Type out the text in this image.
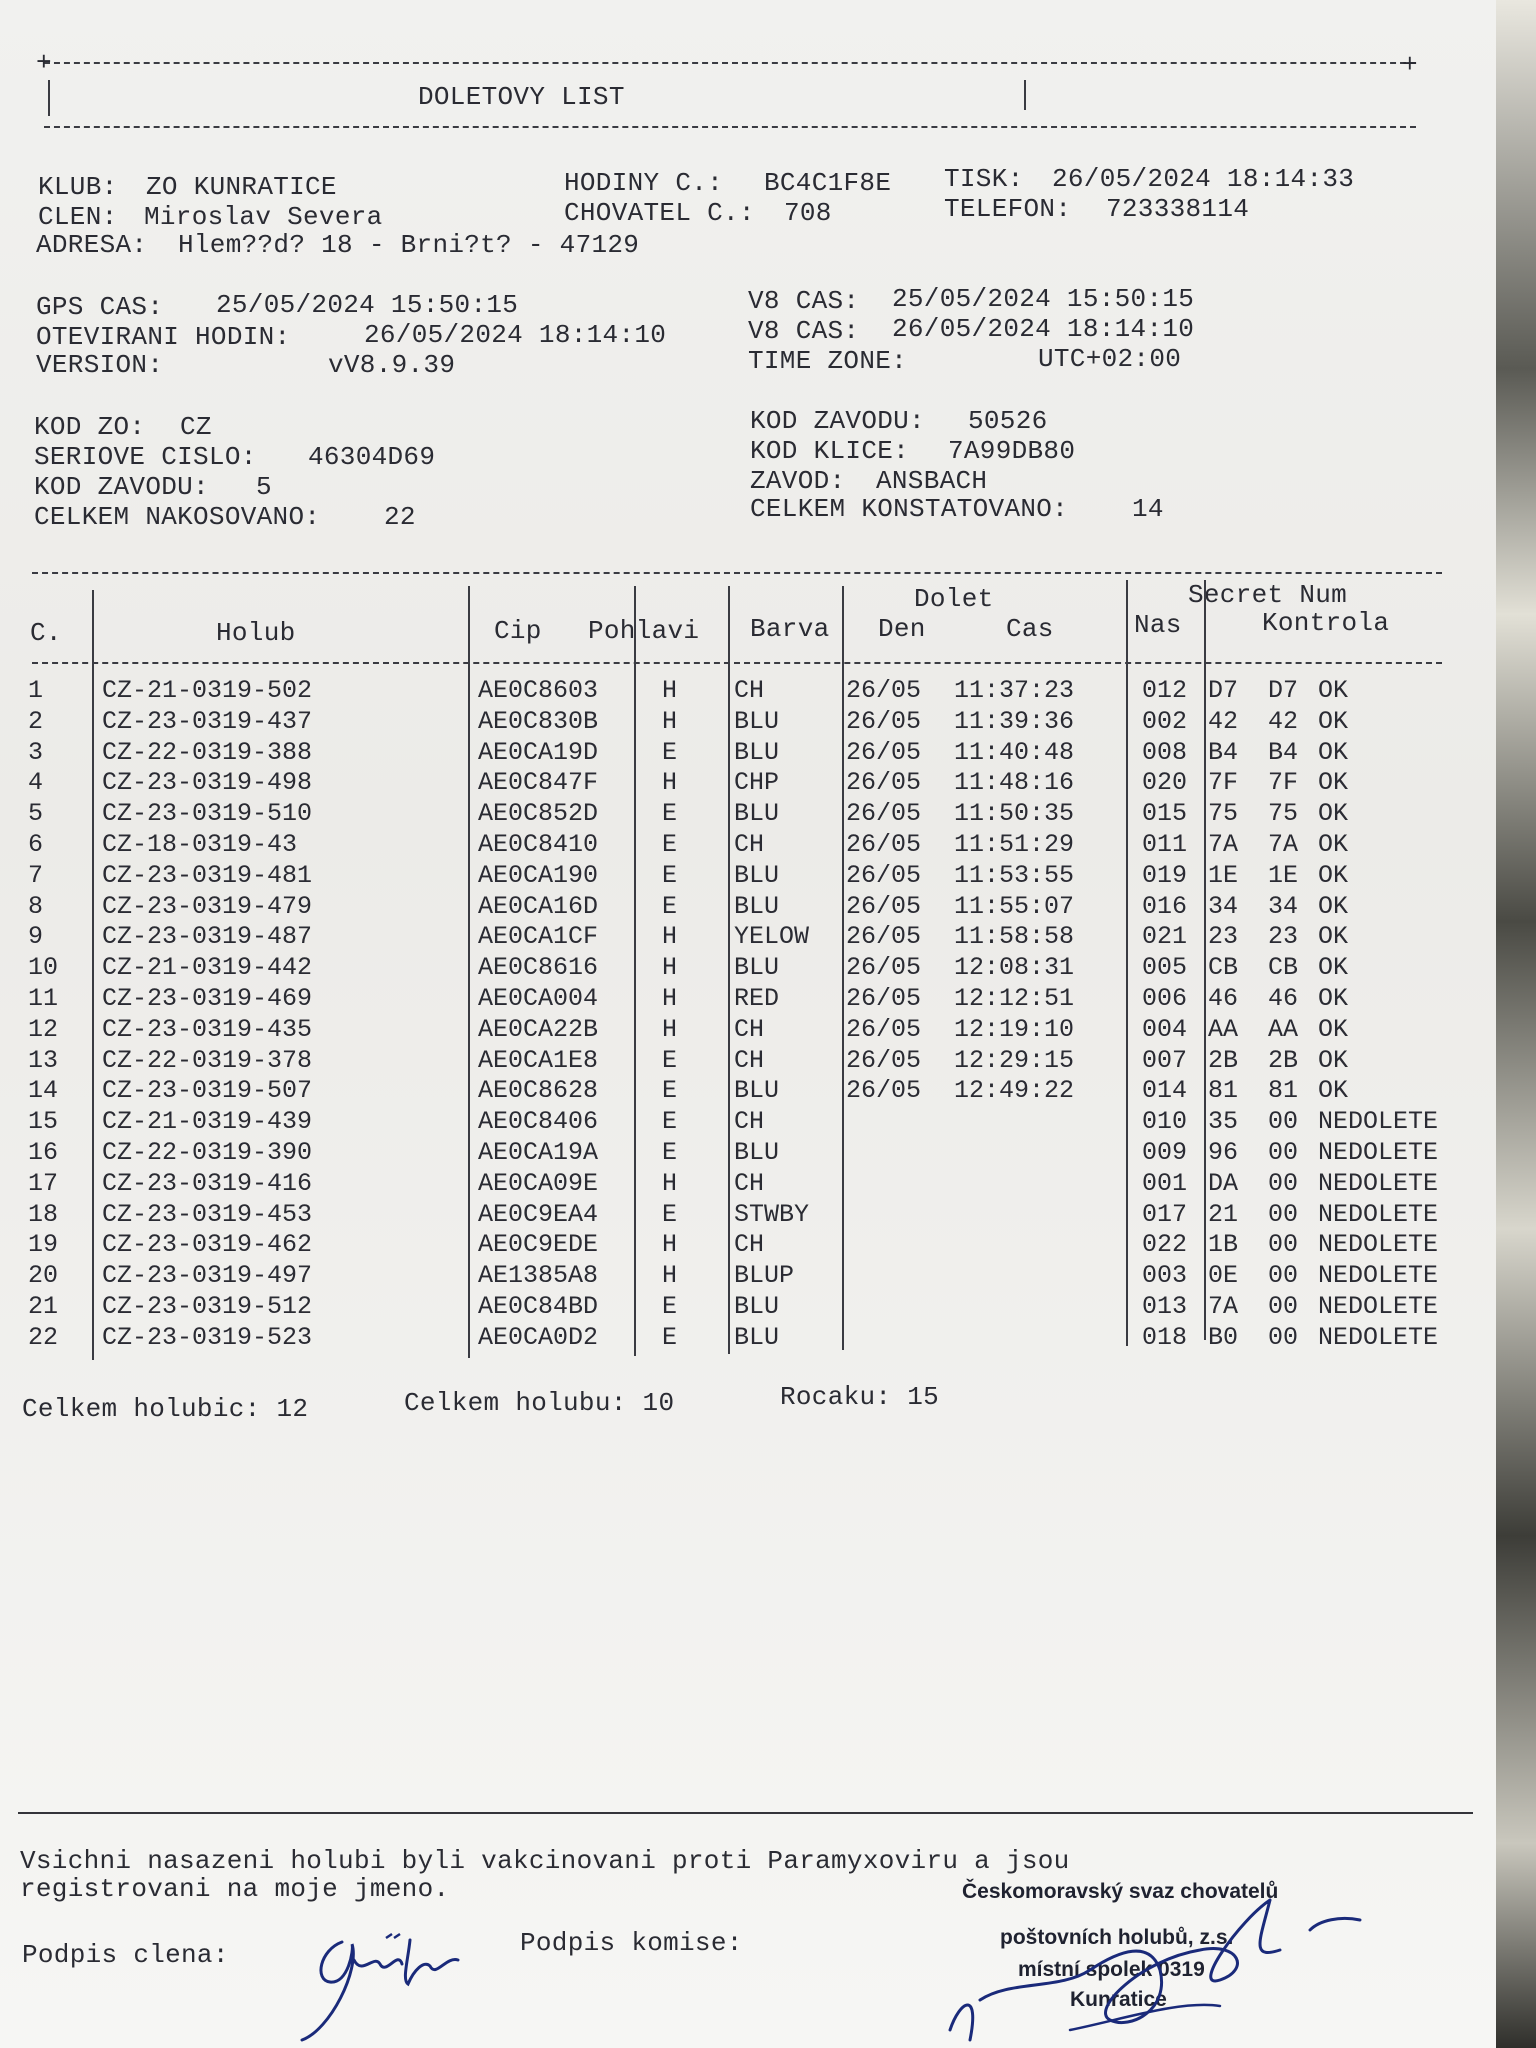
+	+
DOLETOVY LIST
KLUB: ZO KUNRATICE	HODINY C.: BC4C1F8E TISK: 26/05/2024 18:14:33
CLEN: Miroslav Severa	CHOVATEL C.: 708	TELEFON: 723338114
ADRESA: Hlem??d? 18 - Brni?t? - 47129
GPS CAS: 25/05/2024 15:50:15
OTEVIRANI HODIN:	26/05/2024 18:14:10
VERSION:	vV8.9.39
V8 CAS: 25/05/2024 15:50:15
V8 CAS: 26/05/2024 18:14:10
TIME ZONE:	UTC+02:00
KOD ZO: CZ
SERIOVE CISLO: 46304D69
KOD ZAVODU: 5
CELKEM NAKOSOVANO: 22
KOD ZAVODU: 50526
KOD KLICE: 7A99DB80
ZAVOD: ANSBACH
CELKEM KONSTATOVANO: 14
C.	Holub	Cip Pohlavi Barva
Dolet
Den	Cas
Secret Num
Nas	Kontrola
1 CZ-21-0319-502	AE0C8603	H CH	26/05 11:37:23	012 D7 D7 OK
2 CZ-23-0319-437	AE0C830B	H BLU	26/05 11:39:36	002 42 42 OK
3 CZ-22-0319-388	AE0CA19D	E BLU	26/05 11:40:48	008 B4 B4 OK
4 CZ-23-0319-498	AE0C847F	H CHP	26/05 11:48:16	020 7F 7F OK
5 CZ-23-0319-510	AE0C852D	E BLU	26/05 11:50:35	015 75 75 OK
6 CZ-18-0319-43	AE0C8410	E CH	26/05 11:51:29	011 7A 7A OK
7 CZ-23-0319-481	AE0CA190	E BLU	26/05 11:53:55	019 1E 1E OK
8 CZ-23-0319-479	AE0CA16D	E BLU	26/05 11:55:07	016 34 34 OK
9 CZ-23-0319-487	AE0CA1CF	H YELOW 26/05 11:58:58	021 23 23 OK
10 CZ-21-0319-442	AE0C8616	H BLU	26/05 12:08:31	005 CB CB OK
11 CZ-23-0319-469	AE0CA004	H RED	26/05 12:12:51	006 46 46 OK
12 CZ-23-0319-435	AE0CA22B	H CH	26/05 12:19:10	004 AA AA OK
13 CZ-22-0319-378	AE0CA1E8	E CH	26/05 12:29:15	007 2B 2B OK
14 CZ-23-0319-507	AE0C8628	E BLU	26/05 12:49:22	014 81 81 OK
15 CZ-21-0319-439	AE0C8406	E CH	010 35 00 NEDOLETE
16 CZ-22-0319-390	AE0CA19A	E BLU	009 96 00 NEDOLETE
17 CZ-23-0319-416	AE0CA09E	H CH	001 DA 00 NEDOLETE
18 CZ-23-0319-453	AE0C9EA4	E STWBY	017 21 00 NEDOLETE
19 CZ-23-0319-462	AE0C9EDE	H CH	022 1B 00 NEDOLETE
20 CZ-23-0319-497	AE1385A8	H BLUP	003 0E 00 NEDOLETE
21 CZ-23-0319-512	AE0C84BD	E BLU	013 7A 00 NEDOLETE
22 CZ-23-0319-523	AE0CA0D2	E BLU	018 B0 00 NEDOLETE
Celkem holubic: 12	Celkem holubu: 10	Rocaku: 15
Vsichni nasazeni holubi byli vakcinovani proti Paramyxoviru a jsou
registrovani na moje jmeno.
Podpis clena:	Podpis komise:
Českomoravský svaz chovatelů
poštovních holubů, z.s.
místní spolek 0319
Kunratice
